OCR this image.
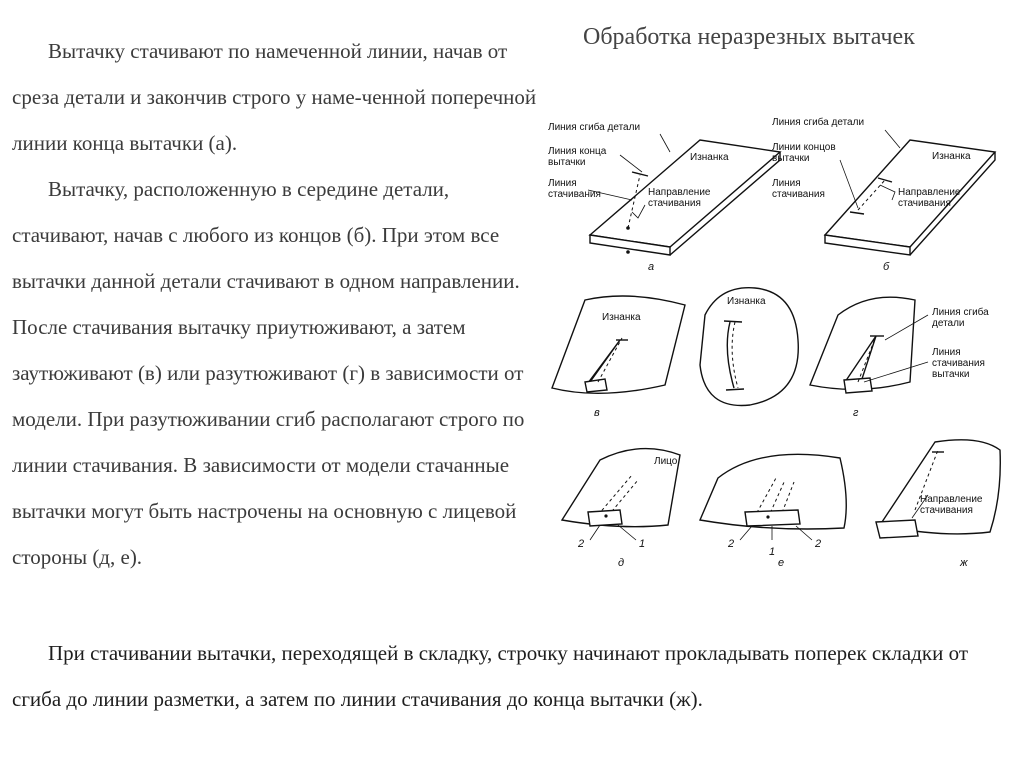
Обработка неразрезных вытачек

Вытачку стачивают по намеченной линии, начав от среза детали и закончив строго у наме-ченной поперечной линии конца вытачки (а).

Вытачку, расположенную в середине детали, стачивают, начав с любого из концов (б). При этом все вытачки данной детали стачивают в одном направлении. После стачивания вытачку приутюживают, а затем заутюживают (в) или разутюживают (г) в зависимости от модели. При разутюживании сгиб располагают строго по линии стачивания. В зависимости от модели стачанные вытачки могут быть настрочены на основную с лицевой стороны (д, е).

При стачивании вытачки, переходящей в складку, строчку начинают прокладывать поперек складки от сгиба до линии разметки, а затем по линии стачивания до конца вытачки (ж).

Линия сгиба детали
Линия конца
вытачки
Линия
стачивания
Изнанка
Направление
стачивания
а
Линия сгиба детали
Линии концов
вытачки
Линия
стачивания
Изнанка
Направление
стачивания
б
Изнанка
в
Изнанка
Линия сгиба
детали
Линия
стачивания
вытачки
г
Лицо
2	1
д
2
1
2
е
Направление
стачивания
ж
